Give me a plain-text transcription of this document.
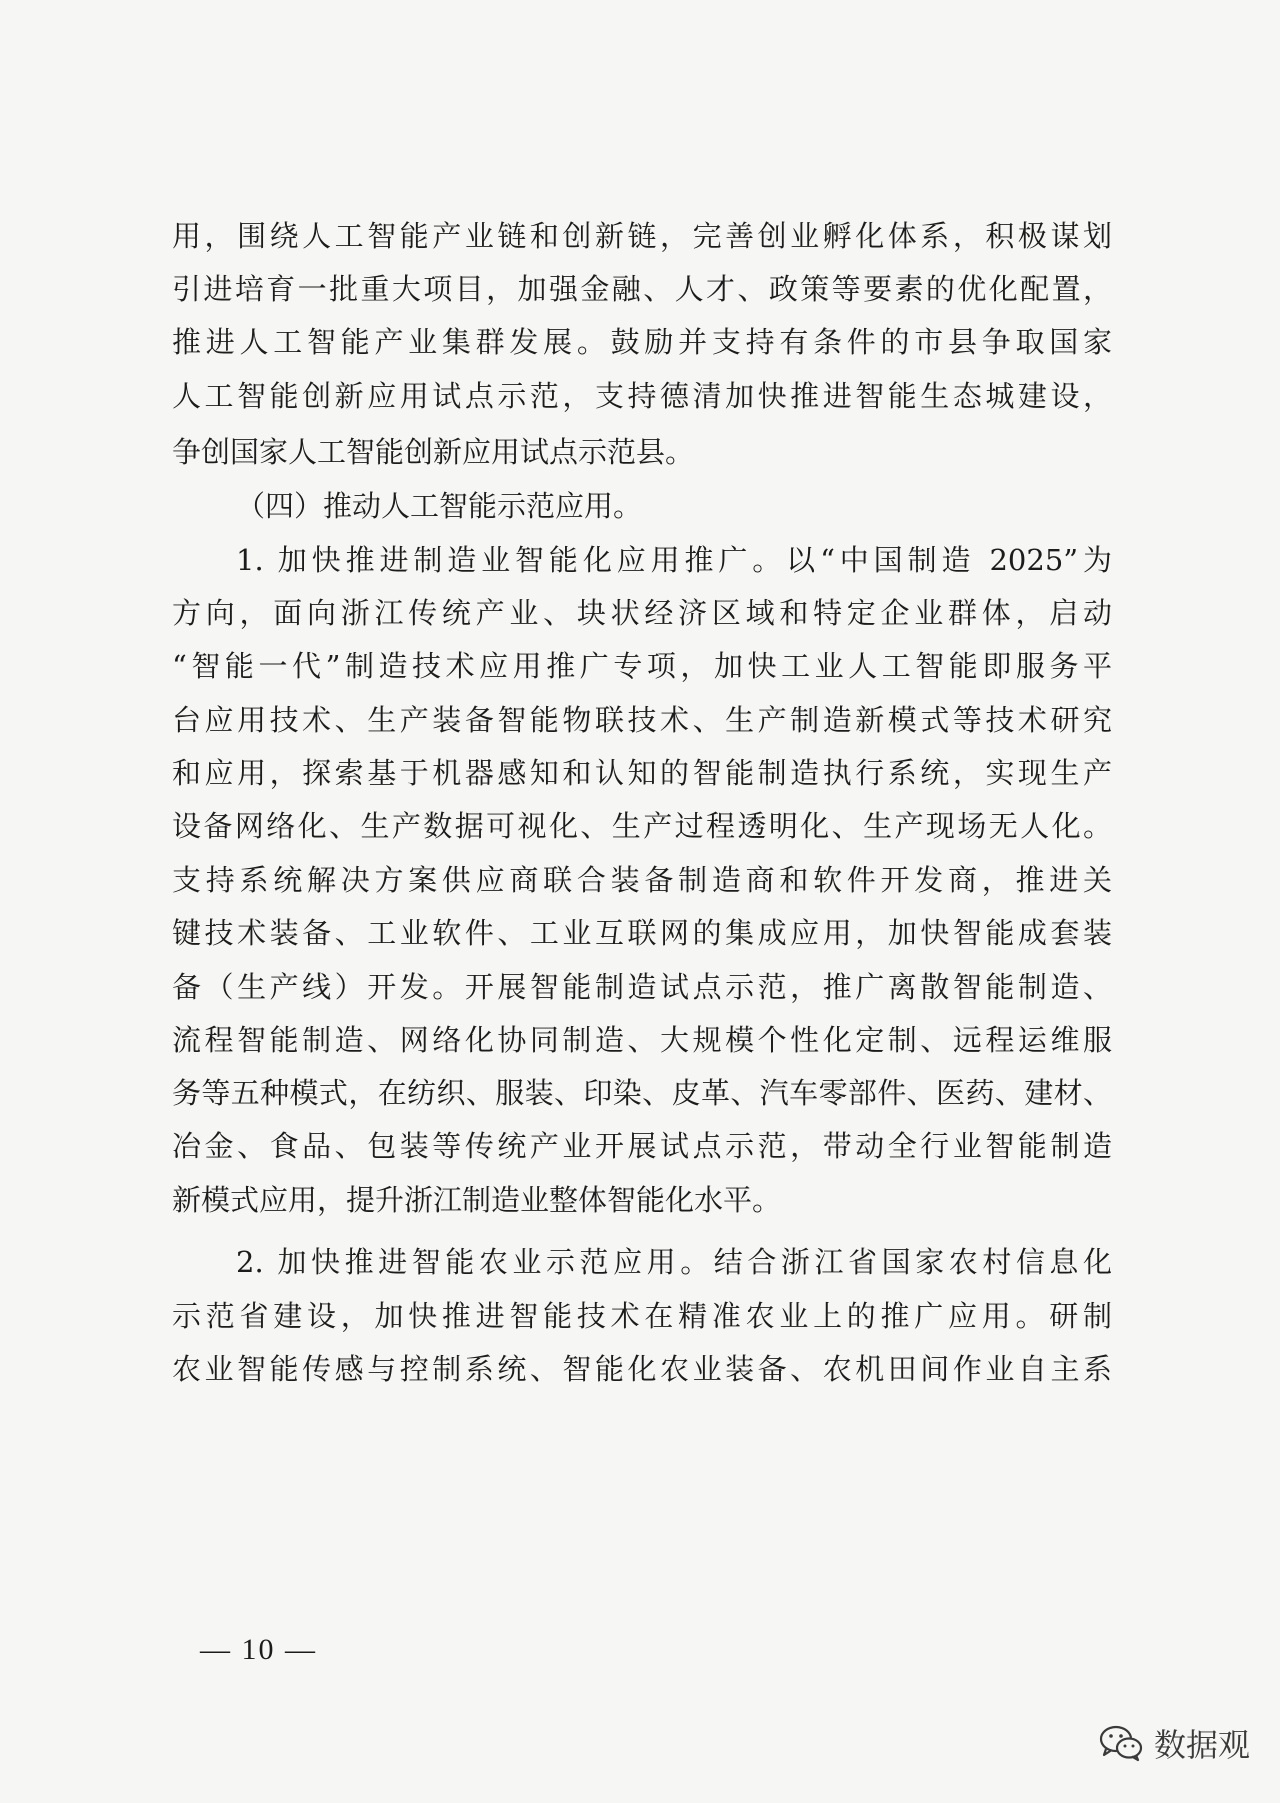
用，围绕人工智能产业链和创新链，完善创业孵化体系，积极谋划
引进培育一批重大项目，加强金融、人才、政策等要素的优化配置，
推进人工智能产业集群发展。鼓励并支持有条件的市县争取国家
人工智能创新应用试点示范，支持德清加快推进智能生态城建设，
争创国家人工智能创新应用试点示范县。
（四）推动人工智能示范应用。
1. 加快推进制造业智能化应用推广。以“中国制造 2025”为
方向，面向浙江传统产业、块状经济区域和特定企业群体，启动
“智能一代”制造技术应用推广专项，加快工业人工智能即服务平
台应用技术、生产装备智能物联技术、生产制造新模式等技术研究
和应用，探索基于机器感知和认知的智能制造执行系统，实现生产
设备网络化、生产数据可视化、生产过程透明化、生产现场无人化。
支持系统解决方案供应商联合装备制造商和软件开发商，推进关
键技术装备、工业软件、工业互联网的集成应用，加快智能成套装
备（生产线）开发。开展智能制造试点示范，推广离散智能制造、
流程智能制造、网络化协同制造、大规模个性化定制、远程运维服
务等五种模式，在纺织、服装、印染、皮革、汽车零部件、医药、建材、
冶金、食品、包装等传统产业开展试点示范，带动全行业智能制造
新模式应用，提升浙江制造业整体智能化水平。
2. 加快推进智能农业示范应用。结合浙江省国家农村信息化
示范省建设，加快推进智能技术在精准农业上的推广应用。研制
农业智能传感与控制系统、智能化农业装备、农机田间作业自主系
— 10 —
数据观
